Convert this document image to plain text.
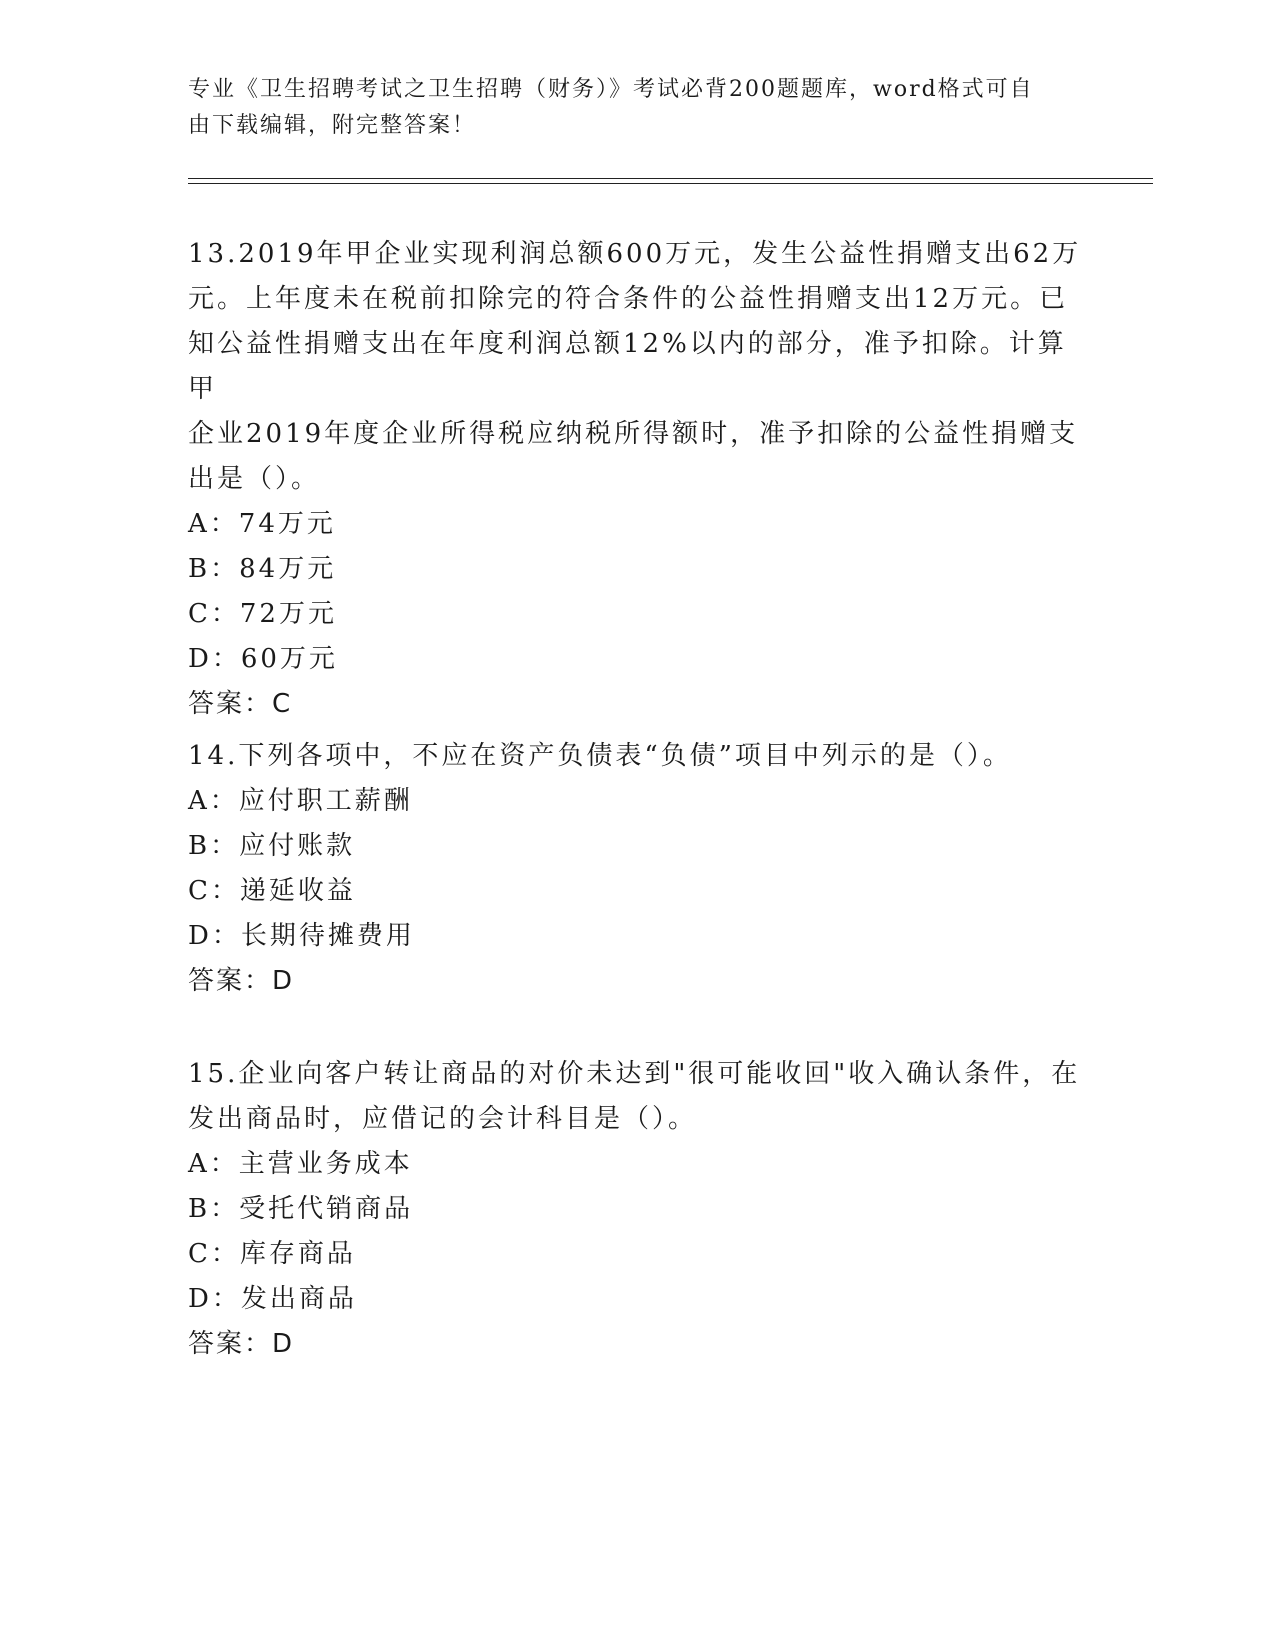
专业《卫生招聘考试之卫生招聘（财务）》考试必背200题题库，word格式可自
由下载编辑，附完整答案！

13.2019年甲企业实现利润总额600万元，发生公益性捐赠支出62万

元。上年度未在税前扣除完的符合条件的公益性捐赠支出12万元。已

知公益性捐赠支出在年度利润总额12%以内的部分，准予扣除。计算甲

企业2019年度企业所得税应纳税所得额时，准予扣除的公益性捐赠支

出是（）。

A：74万元

B：84万元

C：72万元

D：60万元

答案：C

14.下列各项中，不应在资产负债表“负债”项目中列示的是（）。

A：应付职工薪酬

B：应付账款

C：递延收益

D：长期待摊费用

答案：D

15.企业向客户转让商品的对价未达到"很可能收回"收入确认条件，在

发出商品时，应借记的会计科目是（）。

A：主营业务成本

B：受托代销商品

C：库存商品

D：发出商品

答案：D
